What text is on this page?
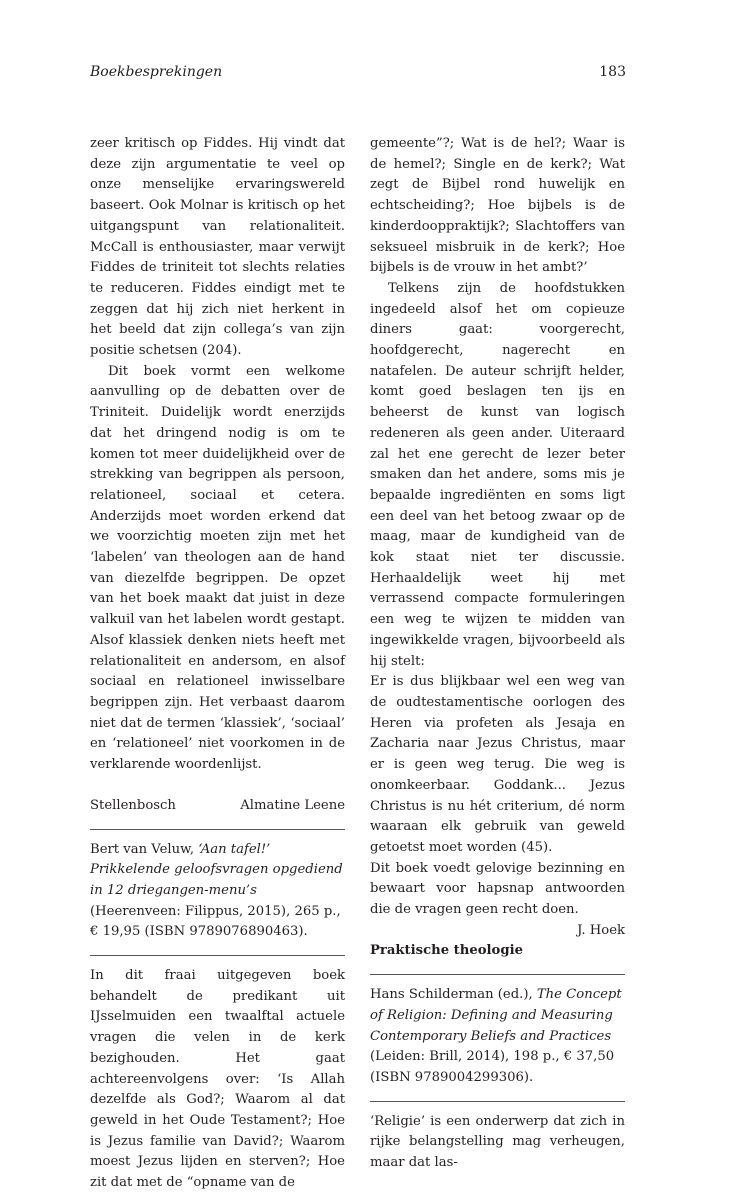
Boekbesprekingen	183

zeer kritisch op Fiddes. Hij vindt dat deze zijn argumentatie te veel op onze menselijke ervaringswereld baseert. Ook Molnar is kritisch op het uitgangspunt van relationaliteit. McCall is enthousiaster, maar verwijt Fiddes de triniteit tot slechts relaties te reduceren. Fiddes eindigt met te zeggen dat hij zich niet herkent in het beeld dat zijn collega’s van zijn positie schetsen (204).

Dit boek vormt een welkome aanvulling op de debatten over de Triniteit. Duidelijk wordt enerzijds dat het dringend nodig is om te komen tot meer duidelijkheid over de strekking van begrippen als persoon, relationeel, sociaal et cetera. Anderzijds moet worden erkend dat we voorzichtig moeten zijn met het ‘labelen’ van theologen aan de hand van diezelfde begrippen. De opzet van het boek maakt dat juist in deze valkuil van het labelen wordt gestapt. Alsof klassiek denken niets heeft met relationaliteit en andersom, en alsof sociaal en relationeel inwisselbare begrippen zijn. Het verbaast daarom niet dat de termen ‘klassiek’, ‘sociaal’ en ‘relationeel’ niet voorkomen in de verklarende woordenlijst.

Stellenbosch	Almatine Leene

Bert van Veluw, ‘Aan tafel!’ Prikkelende geloofsvragen opgediend in 12 driegangen-menu’s (Heerenveen: Filippus, 2015), 265 p., € 19,95 (ISBN 9789076890463).

In dit fraai uitgegeven boek behandelt de predikant uit IJsselmuiden een twaalftal actuele vragen die velen in de kerk bezighouden. Het gaat achtereenvolgens over: ‘Is Allah dezelfde als God?; Waarom al dat geweld in het Oude Testament?; Hoe is Jezus familie van David?; Waarom moest Jezus lijden en sterven?; Hoe zit dat met de “opname van de

gemeente”?; Wat is de hel?; Waar is de hemel?; Single en de kerk?; Wat zegt de Bijbel rond huwelijk en echtscheiding?; Hoe bijbels is de kinderdooppraktijk?; Slachtoffers van seksueel misbruik in de kerk?; Hoe bijbels is de vrouw in het ambt?’

Telkens zijn de hoofdstukken ingedeeld alsof het om copieuze diners gaat: voorgerecht, hoofdgerecht, nagerecht en natafelen. De auteur schrijft helder, komt goed beslagen ten ijs en beheerst de kunst van logisch redeneren als geen ander. Uiteraard zal het ene gerecht de lezer beter smaken dan het andere, soms mis je bepaalde ingrediënten en soms ligt een deel van het betoog zwaar op de maag, maar de kundigheid van de kok staat niet ter discussie. Herhaaldelijk weet hij met verrassend compacte formuleringen een weg te wijzen te midden van ingewikkelde vragen, bijvoorbeeld als hij stelt:

Er is dus blijkbaar wel een weg van de oudtestamentische oorlogen des Heren via profeten als Jesaja en Zacharia naar Jezus Christus, maar er is geen weg terug. Die weg is onomkeerbaar. Goddank... Jezus Christus is nu hét criterium, dé norm waaraan elk gebruik van geweld getoetst moet worden (45).

Dit boek voedt gelovige bezinning en bewaart voor hapsnap antwoorden die de vragen geen recht doen.

J. Hoek

Praktische theologie

Hans Schilderman (ed.), The Concept of Religion: Defining and Measuring Contemporary Beliefs and Practices (Leiden: Brill, 2014), 198 p., € 37,50 (ISBN 9789004299306).

‘Religie’ is een onderwerp dat zich in rijke belangstelling mag verheugen, maar dat las-
